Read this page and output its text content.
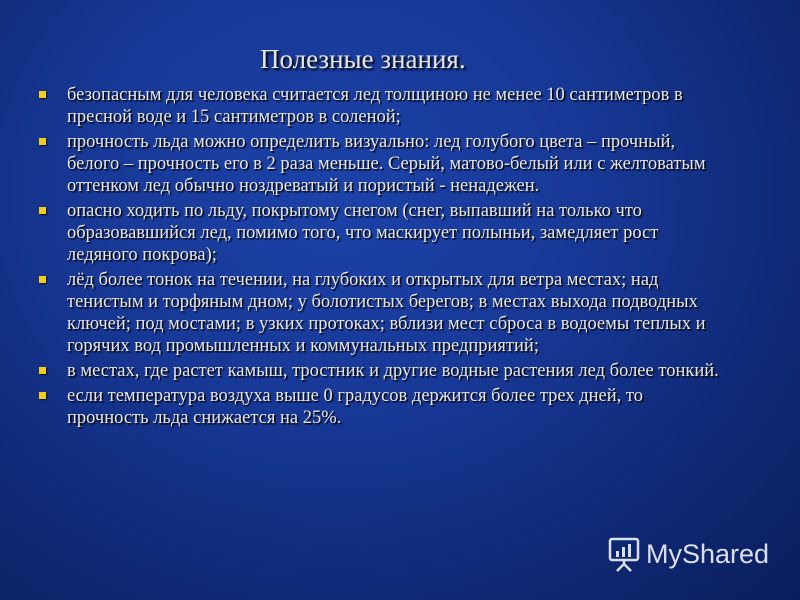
Полезные знания.
безопасным для человека считается лед толщиною не менее 10 сантиметров в пресной воде и 15 сантиметров в соленой;
прочность льда можно определить визуально: лед голубого цвета – прочный, белого – прочность его в 2 раза меньше. Серый, матово-белый или с желтоватым оттенком лед обычно ноздреватый и пористый - ненадежен.
опасно ходить по льду, покрытому снегом (снег, выпавший на только что образовавшийся лед, помимо того, что маскирует полыньи, замедляет рост ледяного покрова);
лёд более тонок на течении, на глубоких и открытых для ветра местах; над тенистым и торфяным дном; у болотистых берегов; в местах выхода подводных ключей; под мостами; в узких протоках; вблизи мест сброса в водоемы теплых и горячих вод промышленных и коммунальных предприятий;
в местах, где растет камыш, тростник и другие водные растения лед более тонкий.
если температура воздуха выше 0 градусов держится более трех дней, то прочность льда снижается на 25%.
MyShared
